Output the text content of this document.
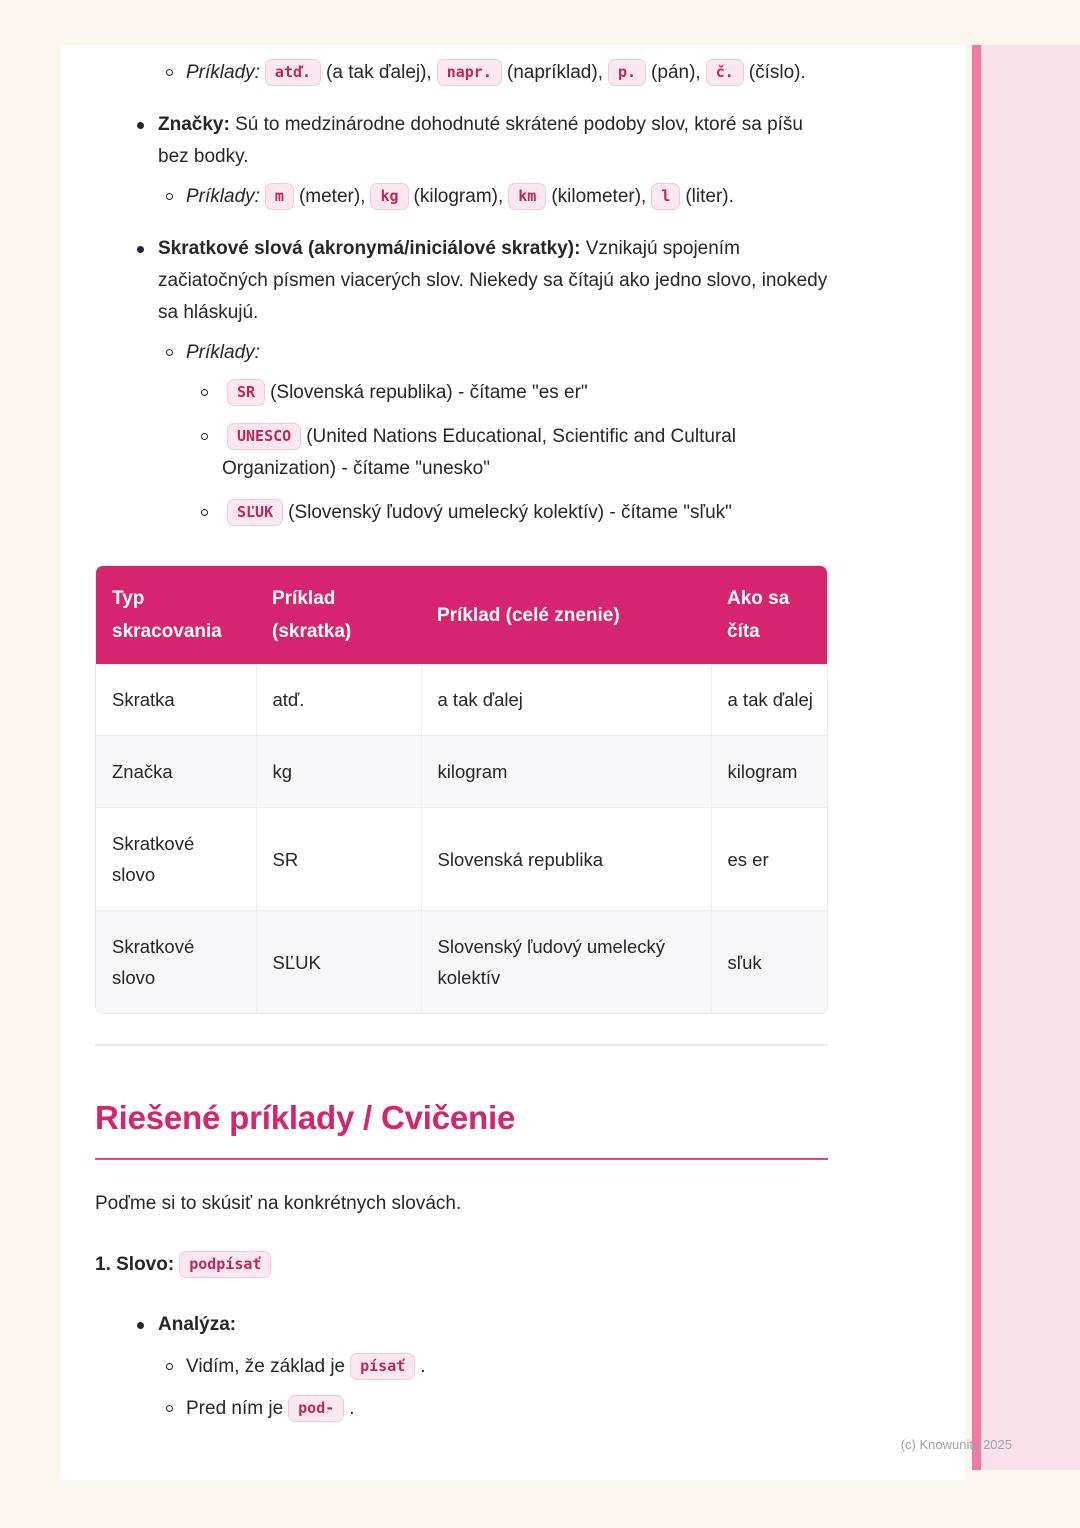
Príklady: atď. (a tak ďalej), napr. (napríklad), p. (pán), č. (číslo).
Značky: Sú to medzinárodne dohodnuté skrátené podoby slov, ktoré sa píšu bez bodky.
Príklady: m (meter), kg (kilogram), km (kilometer), l (liter).
Skratkové slová (akronymá/iniciálové skratky): Vznikajú spojením začiatočných písmen viacerých slov. Niekedy sa čítajú ako jedno slovo, inokedy sa hláskujú.
Príklady:
SR (Slovenská republika) - čítame "es er"
UNESCO (United Nations Educational, Scientific and Cultural Organization) - čítame "unesko"
SĽUK (Slovenský ľudový umelecký kolektív) - čítame "sľuk"
Typ skracovania	Príklad (skratka)	Príklad (celé znenie)	Ako sa číta
Skratka	atď.	a tak ďalej	a tak ďalej
Značka	kg	kilogram	kilogram
Skratkové slovo	SR	Slovenská republika	es er
Skratkové slovo	SĽUK	Slovenský ľudový umelecký kolektív	sľuk
Riešené príklady / Cvičenie

Poďme si to skúsiť na konkrétnych slovách.

1. Slovo: podpísať
Analýza:
Vidím, že základ je písať .
Pred ním je pod- .
(c) Knowunity 2025
